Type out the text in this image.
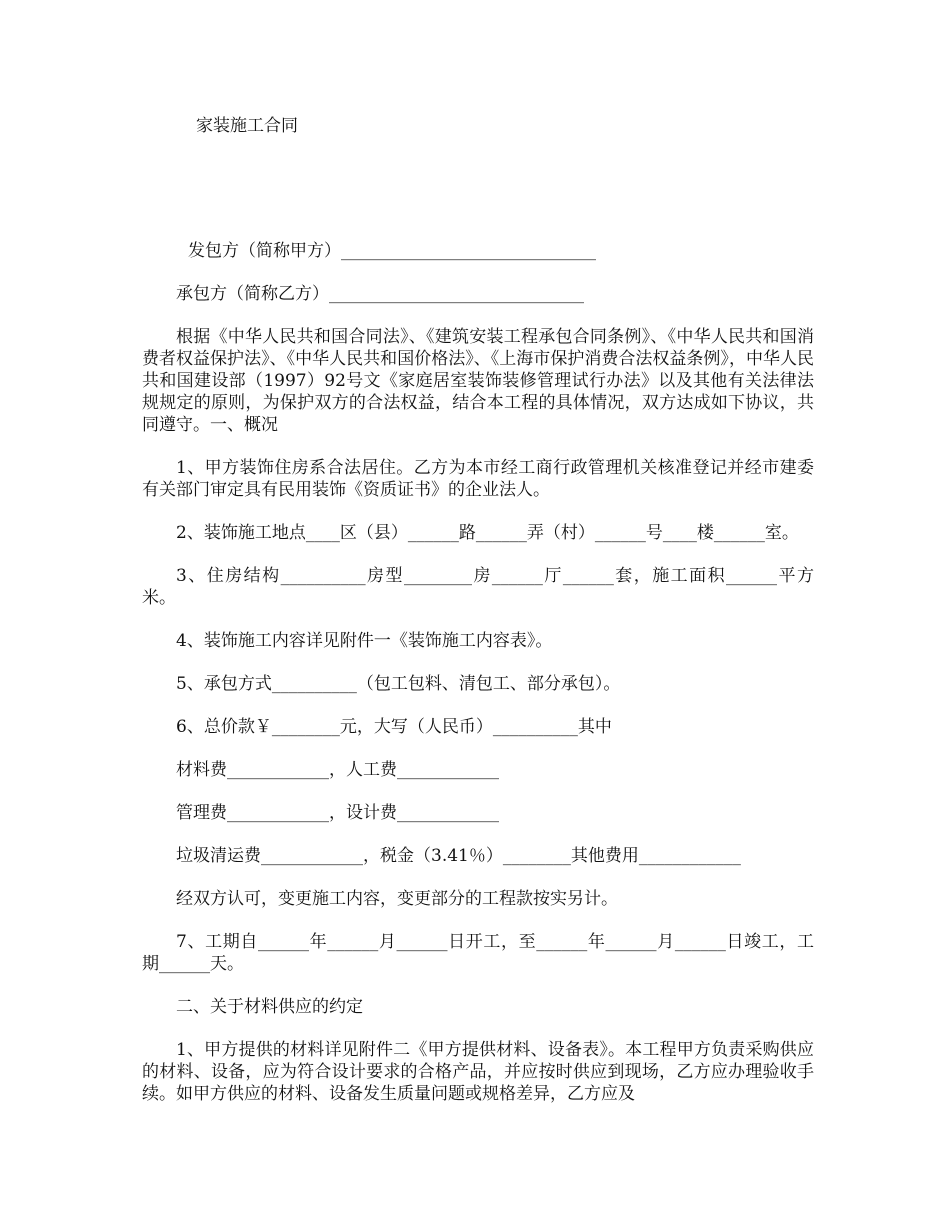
家装施工合同

发包方（简称甲方）______________________________

承包方（简称乙方）______________________________

根据《中华人民共和国合同法》、《建筑安装工程承包合同条例》、《中华人民共和国消费者权益保护法》、《中华人民共和国价格法》、《上海市保护消费合法权益条例》，中华人民共和国建设部（1997）92号文《家庭居室装饰装修管理试行办法》以及其他有关法律法规规定的原则，为保护双方的合法权益，结合本工程的具体情况，双方达成如下协议，共同遵守。一、概况

1、甲方装饰住房系合法居住。乙方为本市经工商行政管理机关核准登记并经市建委有关部门审定具有民用装饰《资质证书》的企业法人。

2、装饰施工地点____区（县）______路______弄（村）______号____楼______室。

3、住房结构__________房型________房______厅______套，施工面积______平方米。

4、装饰施工内容详见附件一《装饰施工内容表》。

5、承包方式__________（包工包料、清包工、部分承包）。

6、总价款￥________元，大写（人民币）__________其中

材料费____________，人工费____________

管理费____________，设计费____________

垃圾清运费____________，税金（3.41％）________其他费用____________

经双方认可，变更施工内容，变更部分的工程款按实另计。

7、工期自______年______月______日开工，至______年______月______日竣工，工期______天。

二、关于材料供应的约定

1、甲方提供的材料详见附件二《甲方提供材料、设备表》。本工程甲方负责采购供应的材料、设备，应为符合设计要求的合格产品，并应按时供应到现场，乙方应办理验收手续。如甲方供应的材料、设备发生质量问题或规格差异，乙方应及
